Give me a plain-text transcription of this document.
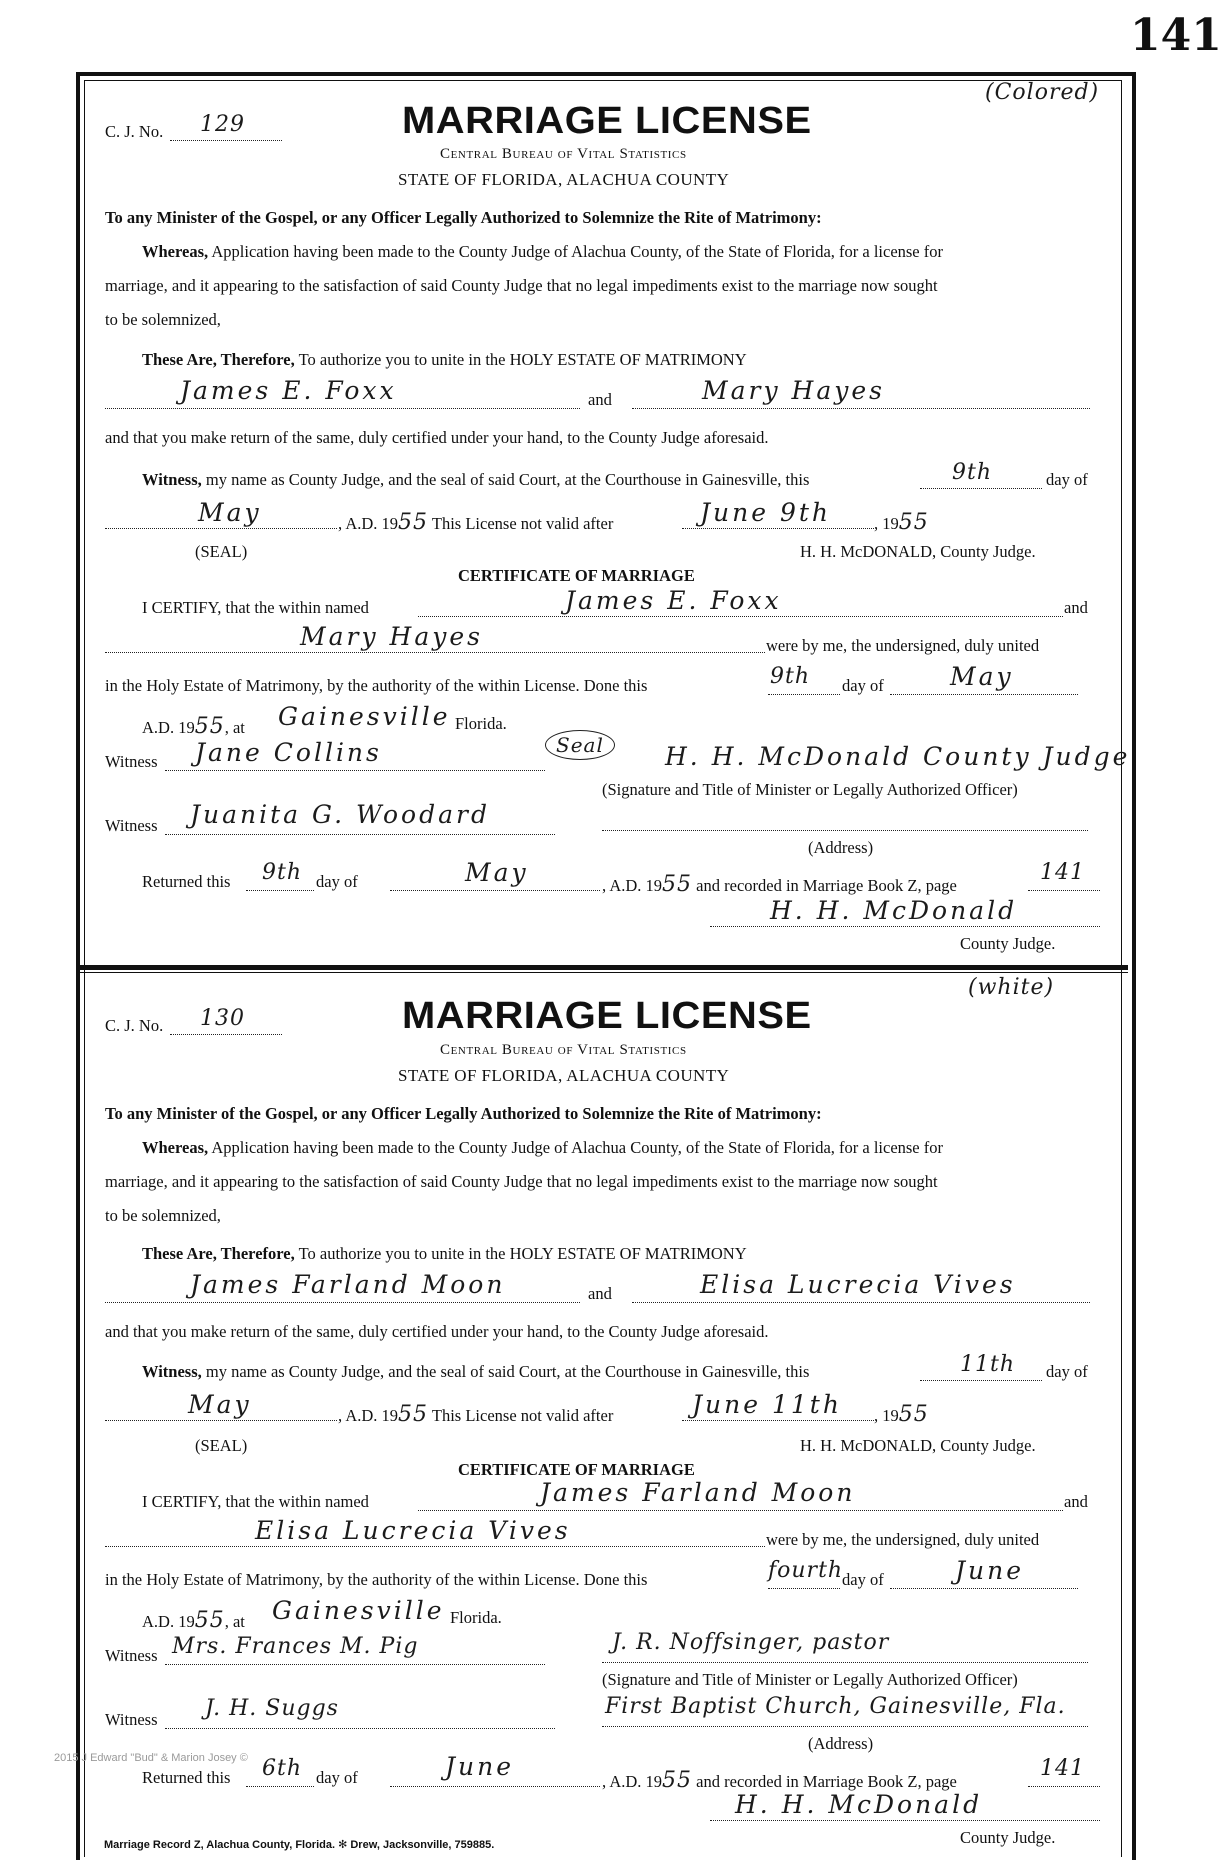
141
2015 J Edward "Bud" & Marion Josey ©
Marriage Record Z, Alachua County, Florida. ✻ Drew, Jacksonville, 759885.
(Colored)
C. J. No. 129	MARRIAGE LICENSE
Central Bureau of Vital Statistics
STATE OF FLORIDA, ALACHUA COUNTY
To any Minister of the Gospel, or any Officer Legally Authorized to Solemnize the Rite of Matrimony:
Whereas, Application having been made to the County Judge of Alachua County, of the State of Florida, for a license for
marriage, and it appearing to the satisfaction of said County Judge that no legal impediments exist to the marriage now sought
to be solemnized,
These Are, Therefore, To authorize you to unite in the HOLY ESTATE OF MATRIMONY
James E. Foxx	and	Mary Hayes
and that you make return of the same, duly certified under your hand, to the County Judge aforesaid.
Witness, my name as County Judge, and the seal of said Court, at the Courthouse in Gainesville, this	9th	day of
May	, A.D. 1955 This License not valid after	June 9th	, 1955
(SEAL)	H. H. McDONALD, County Judge.
CERTIFICATE OF MARRIAGE
I CERTIFY, that the within named	James E. Foxx	and
Mary Hayes	were by me, the undersigned, duly united
in the Holy Estate of Matrimony, by the authority of the within License. Done this	9th day of	May
A.D. 1955, at Gainesville Florida.
Witness Jane Collins	Seal	H. H. McDonald County Judge
(Signature and Title of Minister or Legally Authorized Officer)
Witness Juanita G. Woodard
(Address)
Returned this 9th day of	May	, A.D. 1955 and recorded in Marriage Book Z, page
141
H. H. McDonald
County Judge.
(white)
C. J. No. 130	MARRIAGE LICENSE
Central Bureau of Vital Statistics
STATE OF FLORIDA, ALACHUA COUNTY
To any Minister of the Gospel, or any Officer Legally Authorized to Solemnize the Rite of Matrimony:
Whereas, Application having been made to the County Judge of Alachua County, of the State of Florida, for a license for
marriage, and it appearing to the satisfaction of said County Judge that no legal impediments exist to the marriage now sought
to be solemnized,
These Are, Therefore, To authorize you to unite in the HOLY ESTATE OF MATRIMONY
James Farland Moon	and	Elisa Lucrecia Vives
and that you make return of the same, duly certified under your hand, to the County Judge aforesaid.
Witness, my name as County Judge, and the seal of said Court, at the Courthouse in Gainesville, this	11th day of
May	, A.D. 1955 This License not valid after	June 11th , 1955
(SEAL)	H. H. McDONALD, County Judge.
CERTIFICATE OF MARRIAGE
I CERTIFY, that the within named	James Farland Moon	and
Elisa Lucrecia Vives	were by me, the undersigned, duly united
in the Holy Estate of Matrimony, by the authority of the within License. Done this	fourth
day of	June
A.D. 1955, at Gainesville Florida.
Witness Mrs. Frances M. Pig	J. R. Noffsinger, pastor
(Signature and Title of Minister or Legally Authorized Officer)
Witness J. H. Suggs	First Baptist Church, Gainesville, Fla.
(Address)
Returned this 6th day of	June
, A.D. 1955 and recorded in Marriage Book Z, page
141
H. H. McDonald
County Judge.
